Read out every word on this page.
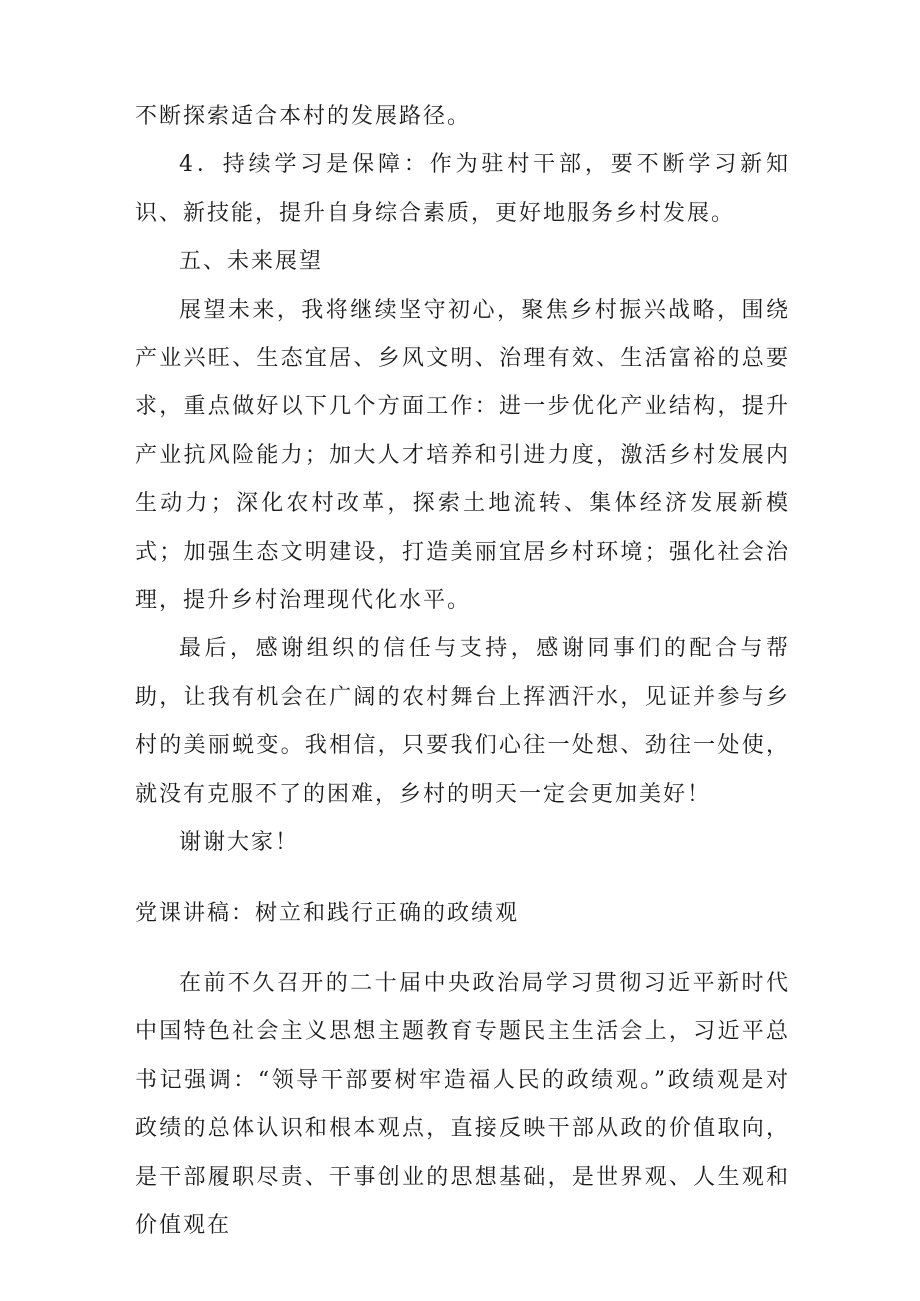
不断探索适合本村的发展路径。

4．持续学习是保障：作为驻村干部，要不断学习新知识、新技能，提升自身综合素质，更好地服务乡村发展。

五、未来展望

展望未来，我将继续坚守初心，聚焦乡村振兴战略，围绕产业兴旺、生态宜居、乡风文明、治理有效、生活富裕的总要求，重点做好以下几个方面工作：进一步优化产业结构，提升产业抗风险能力；加大人才培养和引进力度，激活乡村发展内生动力；深化农村改革，探索土地流转、集体经济发展新模式；加强生态文明建设，打造美丽宜居乡村环境；强化社会治理，提升乡村治理现代化水平。

最后，感谢组织的信任与支持，感谢同事们的配合与帮助，让我有机会在广阔的农村舞台上挥洒汗水，见证并参与乡村的美丽蜕变。我相信，只要我们心往一处想、劲往一处使，就没有克服不了的困难，乡村的明天一定会更加美好！

谢谢大家！

党课讲稿：树立和践行正确的政绩观

在前不久召开的二十届中央政治局学习贯彻习近平新时代中国特色社会主义思想主题教育专题民主生活会上，习近平总书记强调：“领导干部要树牢造福人民的政绩观。”政绩观是对政绩的总体认识和根本观点，直接反映干部从政的价值取向，是干部履职尽责、干事创业的思想基础，是世界观、人生观和价值观在
